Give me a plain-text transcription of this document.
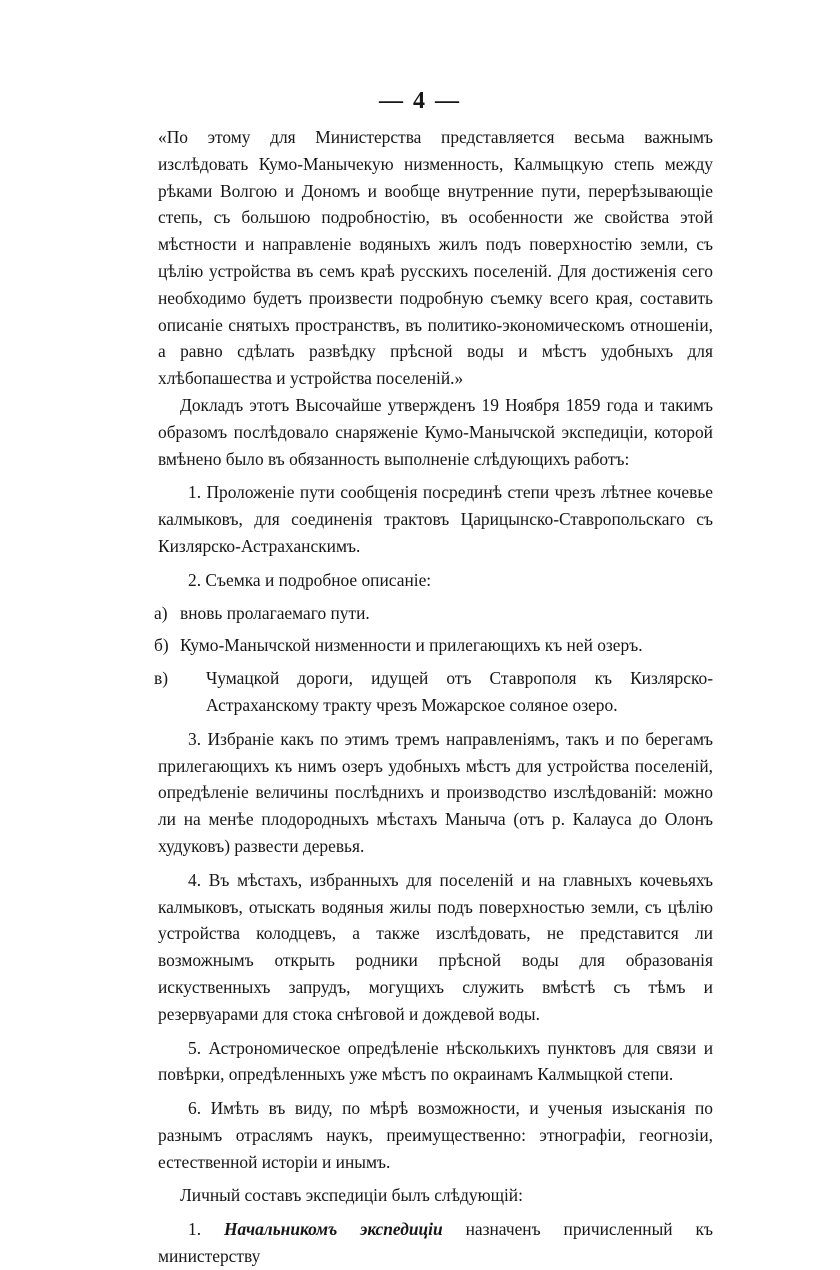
— 4 —

«По этому для Министерства представляется весьма важнымъ изслѣдовать Кумо-Манычекую низменность, Калмыцкую степь между рѣками Волгою и Дономъ и вообще внутренние пути, перерѣзывающіе степь, съ большою подробностію, въ особенности же свойства этой мѣстности и направленіе водяныхъ жилъ подъ поверхностію земли, съ цѣлію устройства въ семъ краѣ русскихъ поселеній. Для достиженія сего необходимо будетъ произвести подробную съемку всего края, составить описаніе снятыхъ пространствъ, въ политико-экономическомъ отношеніи, а равно сдѣлать развѣдку прѣсной воды и мѣстъ удобныхъ для хлѣбопашества и устройства поселеній.»

Докладъ этотъ Высочайше утвержденъ 19 Ноября 1859 года и такимъ образомъ послѣдовало снаряженіе Кумо-Манычской экспедиціи, которой вмѣнено было въ обязанность выполненіе слѣдующихъ работъ:

1. Проложеніе пути сообщенія посрединѣ степи чрезъ лѣтнее кочевье калмыковъ, для соединенія трактовъ Царицынско-Ставропольскаго съ Кизлярско-Астраханскимъ.

2. Съемка и подробное описаніе:

а) вновь пролагаемаго пути.

б) Кумо-Манычской низменности и прилегающихъ къ ней озеръ.

в) Чумацкой дороги, идущей отъ Ставрополя къ Кизлярско-Астраханскому тракту чрезъ Можарское соляное озеро.

3. Избраніе какъ по этимъ тремъ направленіямъ, такъ и по берегамъ прилегающихъ къ нимъ озеръ удобныхъ мѣстъ для устройства поселеній, опредѣленіе величины послѣднихъ и производство изслѣдованій: можно ли на менѣе плодородныхъ мѣстахъ Маныча (отъ р. Калауса до Олонъ худуковъ) развести деревья.

4. Въ мѣстахъ, избранныхъ для поселеній и на главныхъ кочевьяхъ калмыковъ, отыскать водяныя жилы подъ поверхностью земли, съ цѣлію устройства колодцевъ, а также изслѣдовать, не представится ли возможнымъ открыть родники прѣсной воды для образованія искуственныхъ запрудъ, могущихъ служить вмѣстѣ съ тѣмъ и резервуарами для стока снѣговой и дождевой воды.

5. Астрономическое опредѣленіе нѣсколькихъ пунктовъ для связи и повѣрки, опредѣленныхъ уже мѣстъ по окраинамъ Калмыцкой степи.

6. Имѣть въ виду, по мѣрѣ возможности, и ученыя изысканія по разнымъ отраслямъ наукъ, преимущественно: этнографіи, геогнозіи, естественной исторіи и инымъ.

Личный составъ экспедиціи былъ слѣдующій:

1. Начальникомъ экспедиціи назначенъ причисленный къ министерству
